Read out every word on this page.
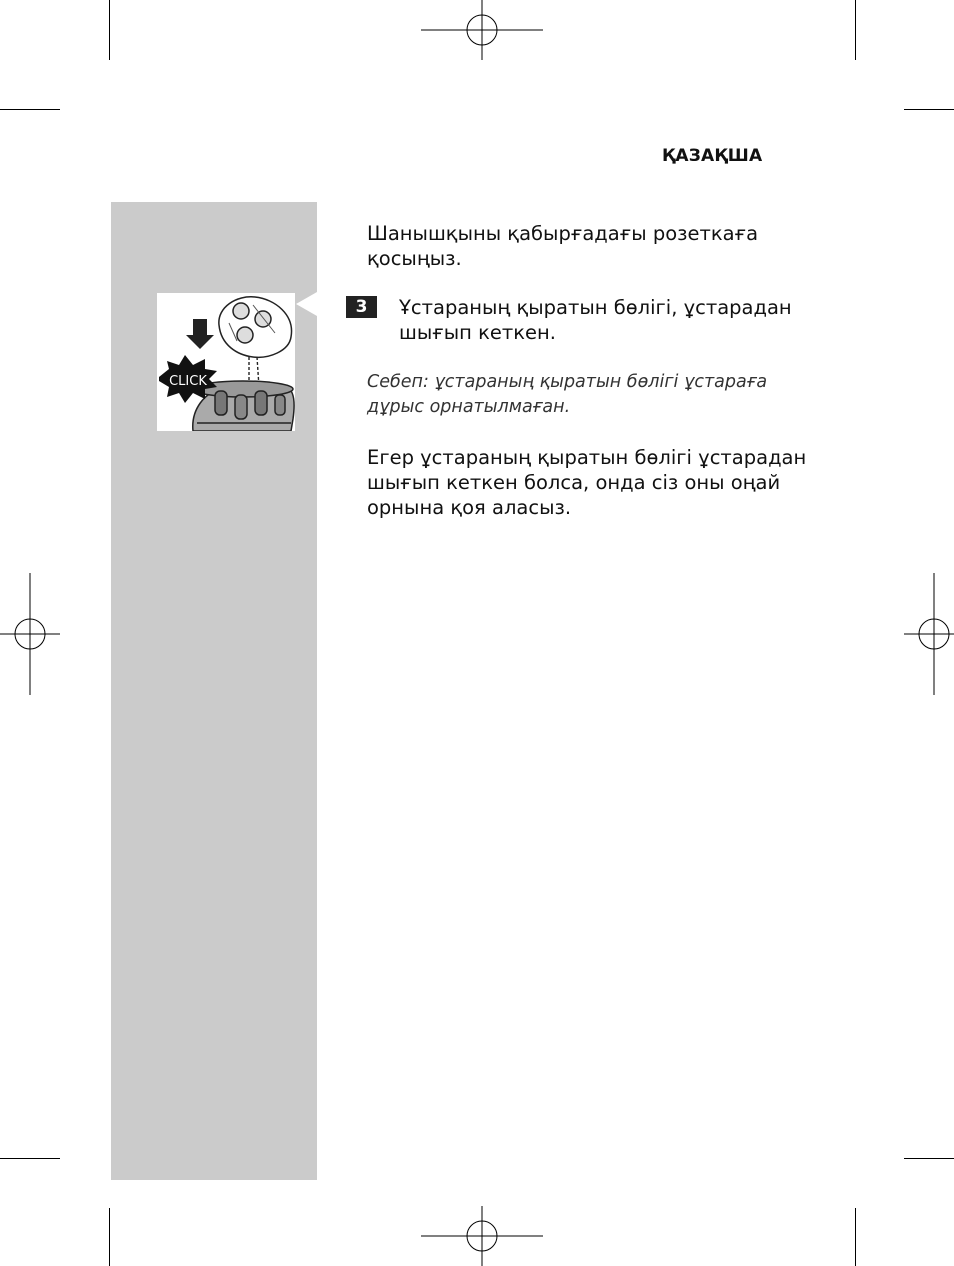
ҚАЗАҚША
CLICK
Шанышқыны қабырғадағы розеткаға
қосыңыз.
3	Ұстараның қыратын бөлігі, ұстарадан
шығып кеткен.
Себеп: ұстараның қыратын бөлігі ұстараға
дұрыс орнатылмаған.
Егер ұстараның қыратын бөлігі ұстарадан
шығып кеткен болса, онда сіз оны оңай
орнына қоя аласыз.
